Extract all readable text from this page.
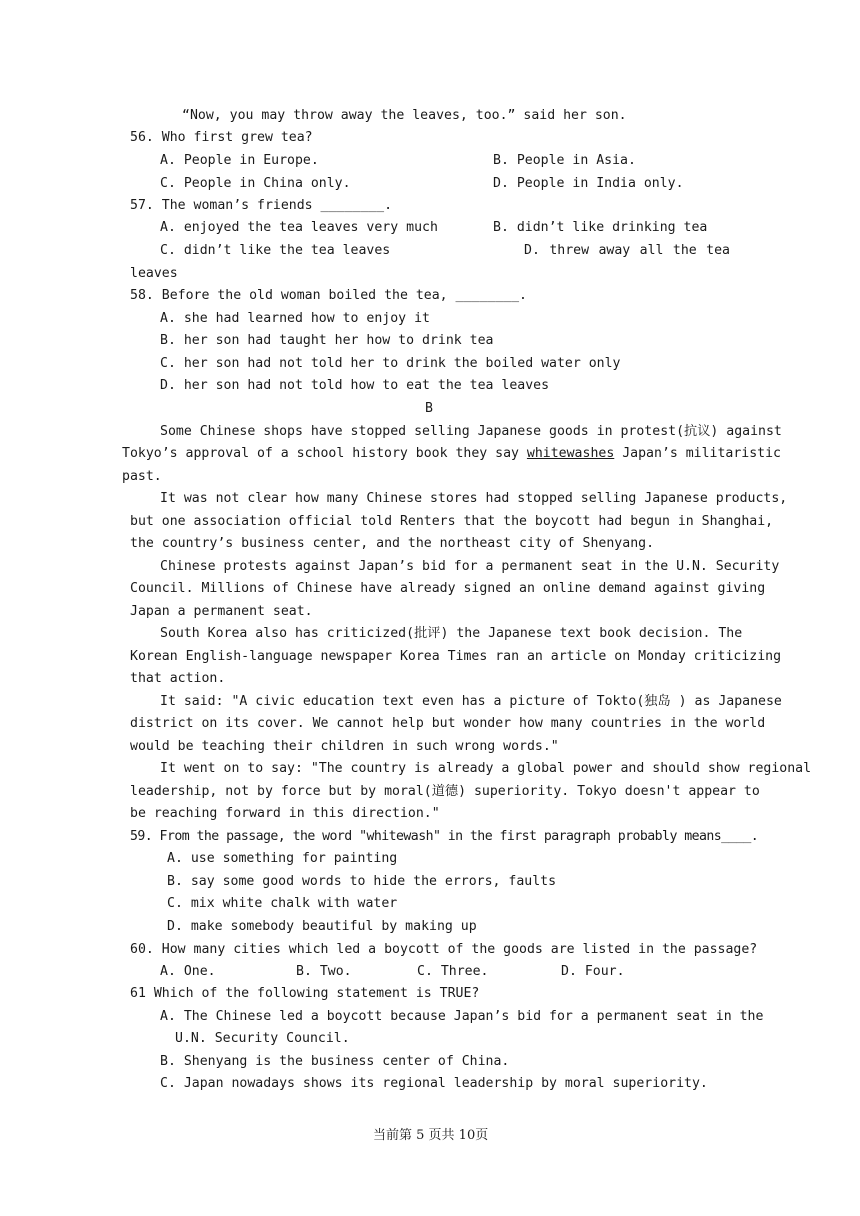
“Now, you may throw away the leaves, too.” said her son.
56. Who first grew tea?
A. People in Europe.	B. People in Asia.
C. People in China only.	D. People in India only.
57. The woman’s friends ________.
A. enjoyed the tea leaves very much	B. didn’t like drinking tea
C. didn’t like the tea leaves	D. threw away all the tea
leaves
58. Before the old woman boiled the tea, ________.
A. she had learned how to enjoy it
B. her son had taught her how to drink tea
C. her son had not told her to drink the boiled water only
D. her son had not told how to eat the tea leaves
B
Some Chinese shops have stopped selling Japanese goods in protest(抗议) against
Tokyo’s approval of a school history book they say whitewashes Japan’s militaristic
past.
It was not clear how many Chinese stores had stopped selling Japanese products,
but one association official told Renters that the boycott had begun in Shanghai,
the country’s business center, and the northeast city of Shenyang.
Chinese protests against Japan’s bid for a permanent seat in the U.N. Security
Council. Millions of Chinese have already signed an online demand against giving
Japan a permanent seat.
South Korea also has criticized(批评) the Japanese text book decision. The
Korean English-language newspaper Korea Times ran an article on Monday criticizing
that action.
It said: "A civic education text even has a picture of Tokto(独岛 ) as Japanese
district on its cover. We cannot help but wonder how many countries in the world
would be teaching their children in such wrong words."
It went on to say: "The country is already a global power and should show regional
leadership, not by force but by moral(道德) superiority. Tokyo doesn't appear to
be reaching forward in this direction."
59. From the passage, the word "whitewash" in the first paragraph probably means____.
A. use something for painting
B. say some good words to hide the errors, faults
C. mix white chalk with water
D. make somebody beautiful by making up
60. How many cities which led a boycott of the goods are listed in the passage?
A. One.	B. Two.	C. Three.	D. Four.
61 Which of the following statement is TRUE?
A. The Chinese led a boycott because Japan’s bid for a permanent seat in the
U.N. Security Council.
B. Shenyang is the business center of China.
C. Japan nowadays shows its regional leadership by moral superiority.
当前第 5 页共 10页
